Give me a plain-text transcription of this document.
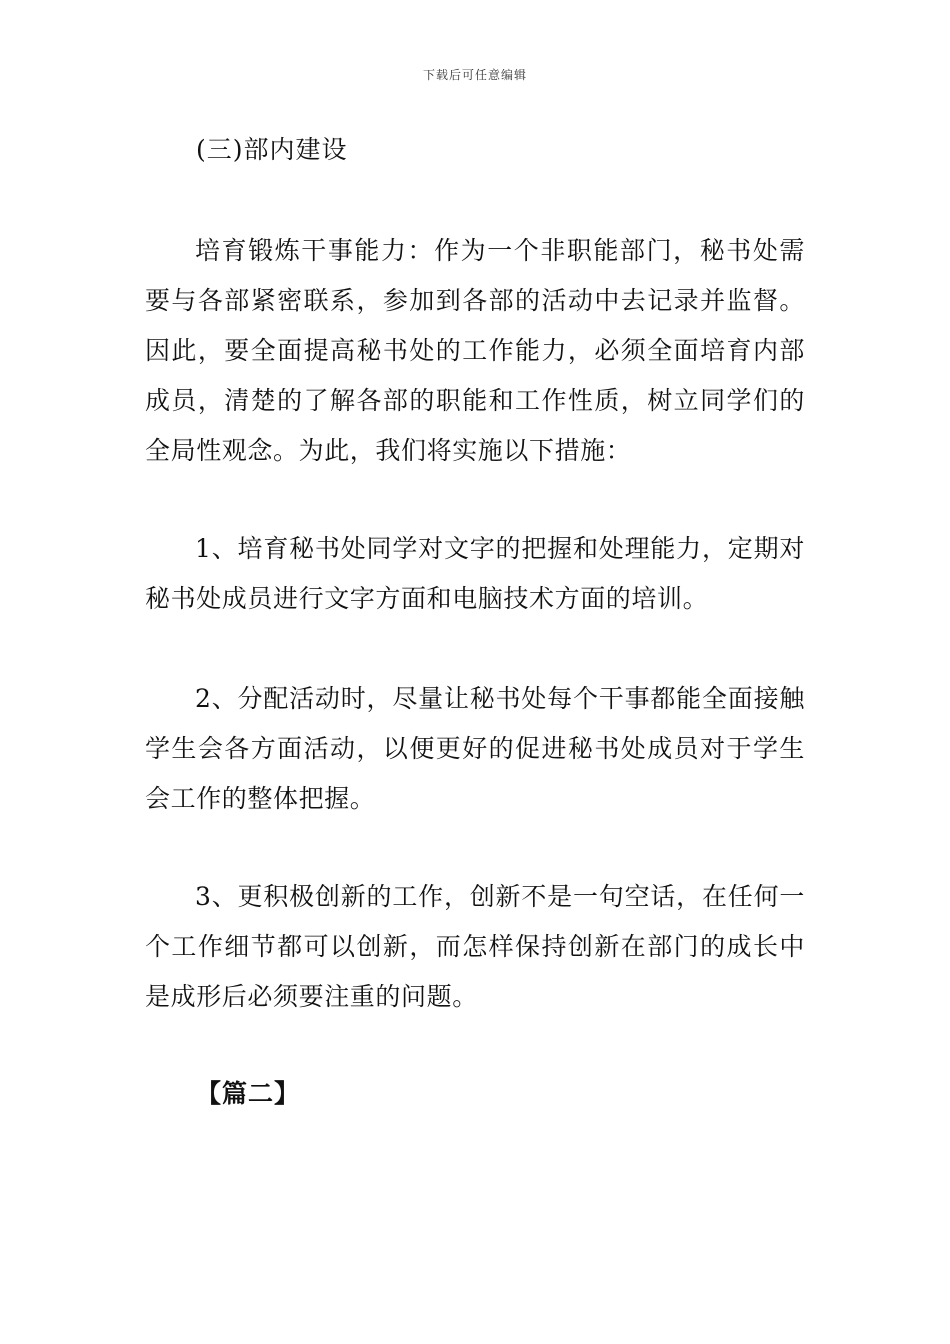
下载后可任意编辑
(三)部内建设

培育锻炼干事能力：作为一个非职能部门，秘书处需要与各部紧密联系，参加到各部的活动中去记录并监督。因此，要全面提高秘书处的工作能力，必须全面培育内部成员，清楚的了解各部的职能和工作性质，树立同学们的全局性观念。为此，我们将实施以下措施：

1、培育秘书处同学对文字的把握和处理能力，定期对秘书处成员进行文字方面和电脑技术方面的培训。

2、分配活动时，尽量让秘书处每个干事都能全面接触学生会各方面活动，以便更好的促进秘书处成员对于学生会工作的整体把握。

3、更积极创新的工作，创新不是一句空话，在任何一个工作细节都可以创新，而怎样保持创新在部门的成长中是成形后必须要注重的问题。

【篇二】
